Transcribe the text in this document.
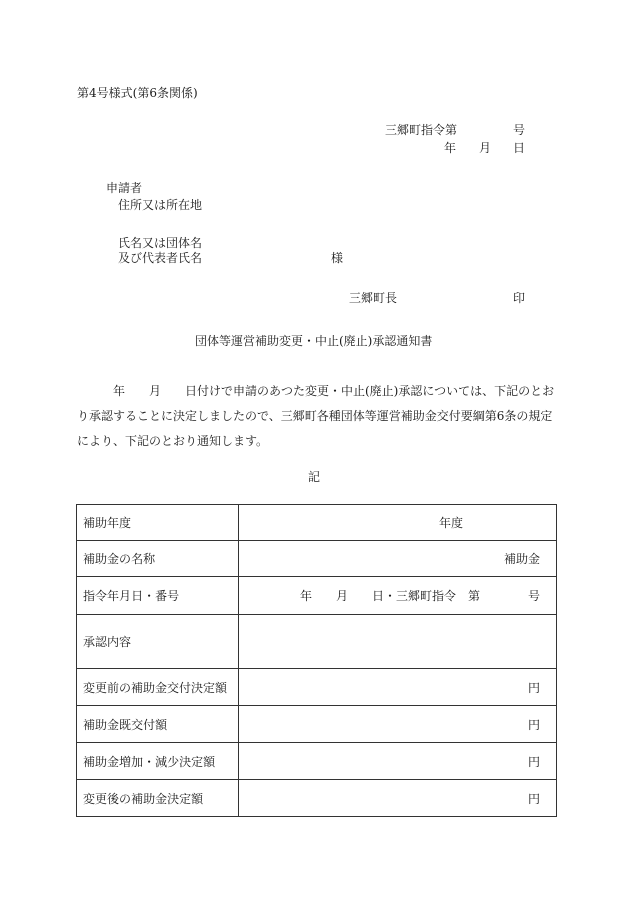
第4号様式(第6条関係)
三郷町指令第	号
年 月 日
申請者
住所又は所在地
氏名又は団体名
及び代表者氏名	様
三郷町長	印
団体等運営補助変更・中止(廃止)承認通知書
年　　月　　日付けで申請のあつた変更・中止(廃止)承認については、下記のとおり承認することに決定しましたので、三郷町各種団体等運営補助金交付要綱第6条の規定により、下記のとおり通知します。
記
補助年度	年度

補助金の名称	補助金

指令年月日・番号	年　　月　　日・三郷町指令　第　　　　号

承認内容	

変更前の補助金交付決定額	円

補助金既交付額	円

補助金増加・減少決定額	円

変更後の補助金決定額	円
